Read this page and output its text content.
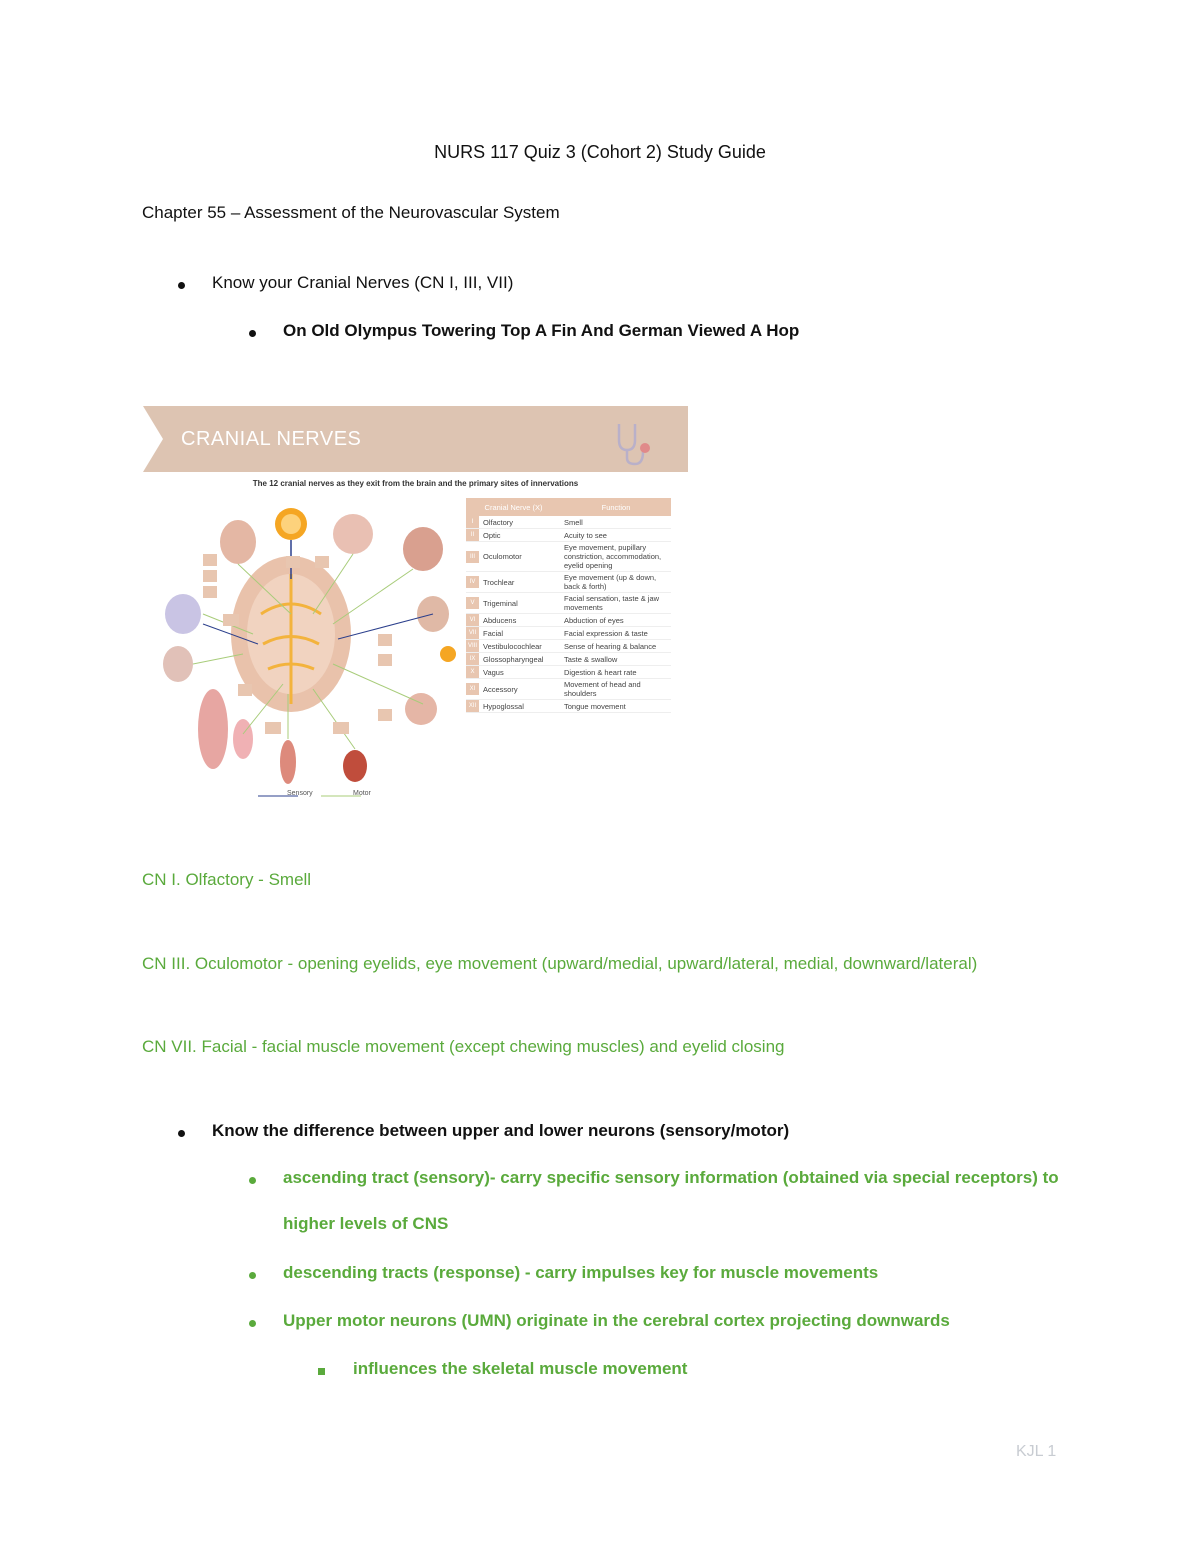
NURS 117 Quiz 3 (Cohort 2) Study Guide
Chapter 55 – Assessment of the Neurovascular System
Know your Cranial Nerves (CN I, III, VII)
On Old Olympus Towering Top A Fin And German Viewed A Hop
CRANIAL NERVES
The 12 cranial nerves as they exit from the brain and the primary sites of innervations
Cranial Nerve (X)		Function
I	Olfactory	Smell
II	Optic	Acuity to see
III	Oculomotor	Eye movement, pupillary constriction, accommodation, eyelid opening
IV	Trochlear	Eye movement (up & down, back & forth)
V	Trigeminal	Facial sensation, taste & jaw movements
VI	Abducens	Abduction of eyes
VII	Facial	Facial expression & taste
VIII	Vestibulocochlear	Sense of hearing & balance
IX	Glossopharyngeal	Taste & swallow
X	Vagus	Digestion & heart rate
XI	Accessory	Movement of head and shoulders
XII	Hypoglossal	Tongue movement
Sensory	Motor
CN I. Olfactory - Smell
CN III. Oculomotor - opening eyelids, eye movement (upward/medial, upward/lateral, medial, downward/lateral)
CN VII. Facial - facial muscle movement (except chewing muscles) and eyelid closing
Know the difference between upper and lower neurons (sensory/motor)
ascending tract (sensory)- carry specific sensory information (obtained via special receptors) to
higher levels of CNS
descending tracts (response) - carry impulses key for muscle movements
Upper motor neurons (UMN) originate in the cerebral cortex projecting downwards
influences the skeletal muscle movement
KJL 1
